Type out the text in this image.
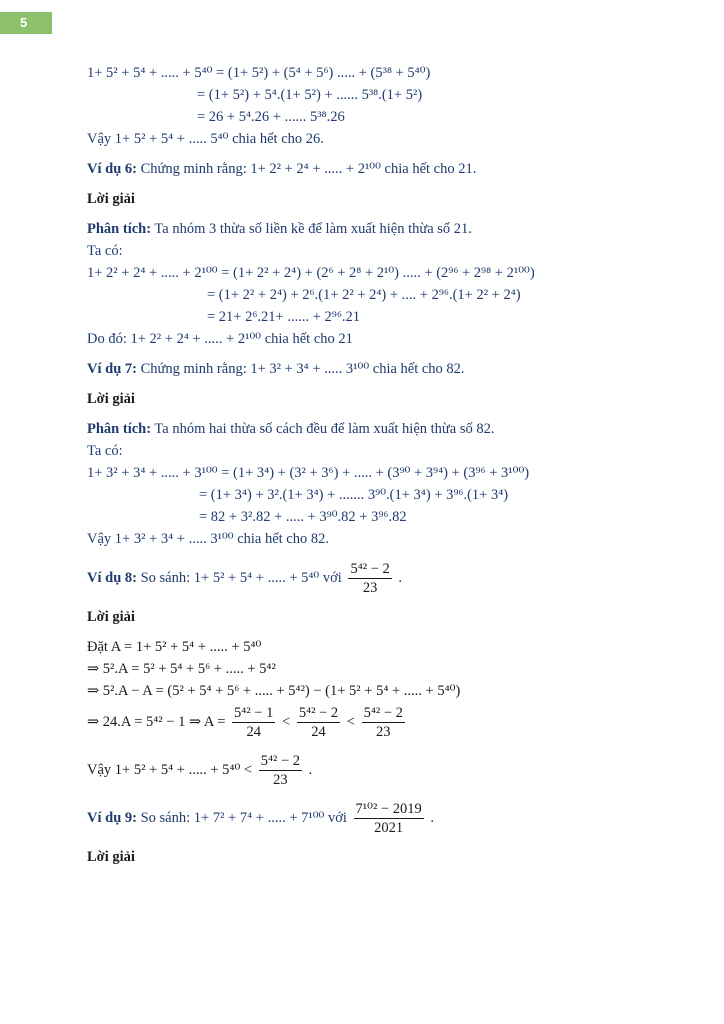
5
1+ 5² + 5⁴ + ..... + 5⁴⁰ = (1+ 5²) + (5⁴ + 5⁶) ..... + (5³⁸ + 5⁴⁰)
= (1+ 5²) + 5⁴.(1+ 5²) + ...... 5³⁸.(1+ 5²)
= 26 + 5⁴.26 + ...... 5³⁸.26
Vậy 1+ 5² + 5⁴ + ..... 5⁴⁰ chia hết cho 26.
Ví dụ 6: Chứng minh rằng: 1+ 2² + 2⁴ + ..... + 2¹⁰⁰ chia hết cho 21.
Lời giải
Phân tích: Ta nhóm 3 thừa số liền kề để làm xuất hiện thừa số 21.
Ta có:
1+ 2² + 2⁴ + ..... + 2¹⁰⁰ = (1+ 2² + 2⁴) + (2⁶ + 2⁸ + 2¹⁰) ..... + (2⁹⁶ + 2⁹⁸ + 2¹⁰⁰)
= (1+ 2² + 2⁴) + 2⁶.(1+ 2² + 2⁴) + .... + 2⁹⁶.(1+ 2² + 2⁴)
= 21+ 2⁶.21+ ...... + 2⁹⁶.21
Do đó: 1+ 2² + 2⁴ + ..... + 2¹⁰⁰ chia hết cho 21
Ví dụ 7: Chứng minh rằng: 1+ 3² + 3⁴ + ..... 3¹⁰⁰ chia hết cho 82.
Lời giải
Phân tích: Ta nhóm hai thừa số cách đều để làm xuất hiện thừa số 82.
Ta có:
1+ 3² + 3⁴ + ..... + 3¹⁰⁰ = (1+ 3⁴) + (3² + 3⁶) + ..... + (3⁹⁰ + 3⁹⁴) + (3⁹⁶ + 3¹⁰⁰)
= (1+ 3⁴) + 3².(1+ 3⁴) + ....... 3⁹⁰.(1+ 3⁴) + 3⁹⁶.(1+ 3⁴)
= 82 + 3².82 + ..... + 3⁹⁰.82 + 3⁹⁶.82
Vậy 1+ 3² + 3⁴ + ..... 3¹⁰⁰ chia hết cho 82.
Ví dụ 8: So sánh: 1+ 5² + 5⁴ + ..... + 5⁴⁰ với $\frac{\text{5⁴² − 2}}{23}$ .
Lời giải
Đặt A = 1+ 5² + 5⁴ + ..... + 5⁴⁰
⇒ 5².A = 5² + 5⁴ + 5⁶ + ..... + 5⁴²
⇒ 5².A − A = (5² + 5⁴ + 5⁶ + ..... + 5⁴²) − (1+ 5² + 5⁴ + ..... + 5⁴⁰)
⇒ 24.A = 5⁴² − 1 ⇒ $A = \frac{\text{5⁴² − 1}}{24} < \frac{\text{5⁴² − 2}}{24} < \frac{\text{5⁴² − 2}}{23}$
Vậy 1+ 5² + 5⁴ + ..... + $5^{40} < \frac{\text{5⁴² − 2}}{23}$ .
Ví dụ 9: So sánh: 1+ 7² + 7⁴ + ..... + 7¹⁰⁰ với $\frac{\text{7¹⁰² − 2019}}{2021}$ .
Lời giải
